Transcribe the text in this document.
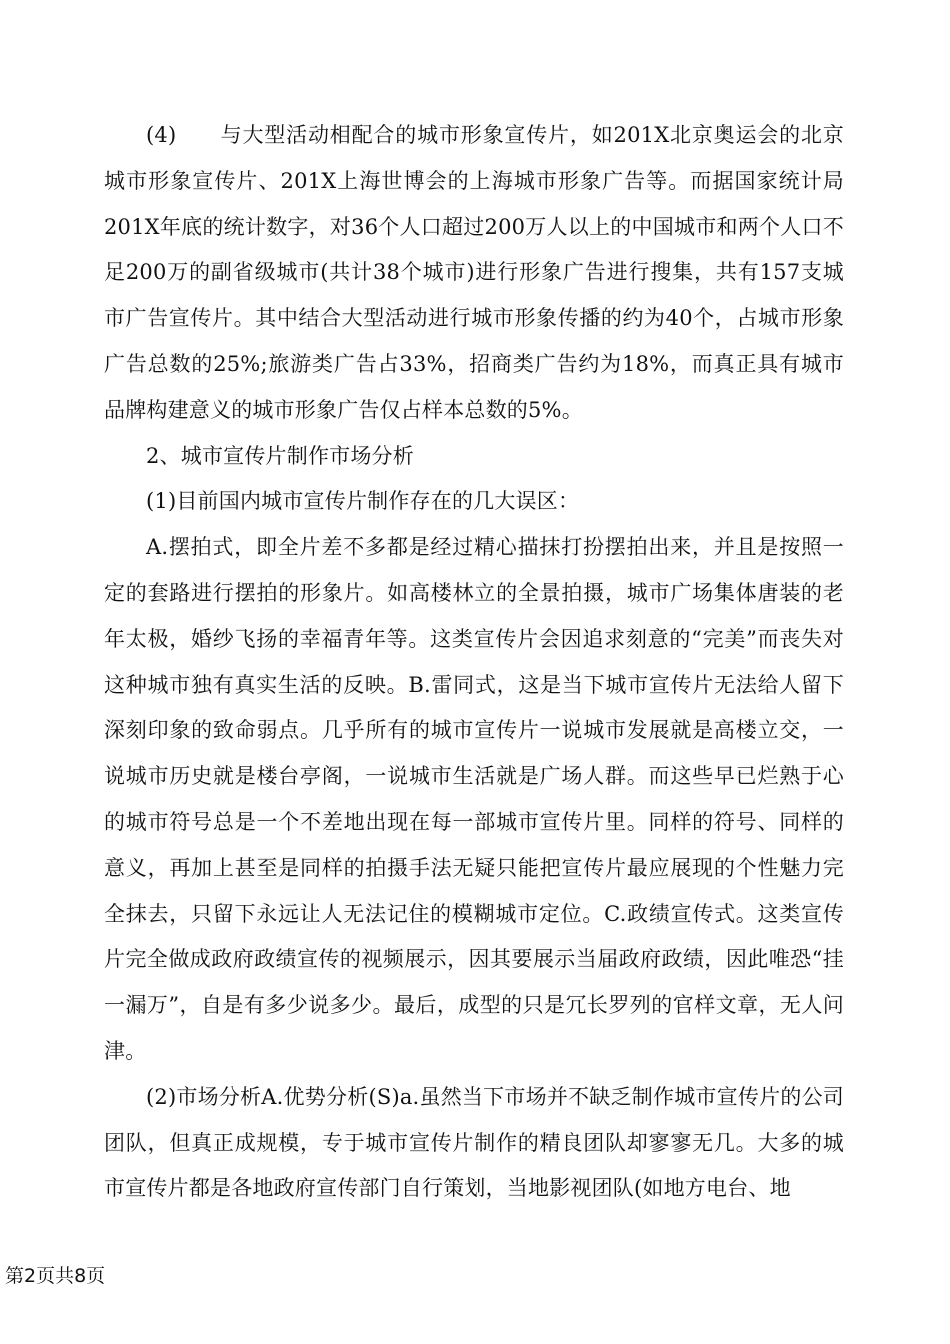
(4)　　与大型活动相配合的城市形象宣传片，如201X北京奥运会的北京城市形象宣传片、201X上海世博会的上海城市形象广告等。而据国家统计局201X年底的统计数字，对36个人口超过200万人以上的中国城市和两个人口不足200万的副省级城市(共计38个城市)进行形象广告进行搜集，共有157支城市广告宣传片。其中结合大型活动进行城市形象传播的约为40个，占城市形象广告总数的25%;旅游类广告占33%，招商类广告约为18%，而真正具有城市品牌构建意义的城市形象广告仅占样本总数的5%。

2、城市宣传片制作市场分析

(1)目前国内城市宣传片制作存在的几大误区：

A.摆拍式，即全片差不多都是经过精心描抹打扮摆拍出来，并且是按照一定的套路进行摆拍的形象片。如高楼林立的全景拍摄，城市广场集体唐装的老年太极，婚纱飞扬的幸福青年等。这类宣传片会因追求刻意的“完美”而丧失对这种城市独有真实生活的反映。B.雷同式，这是当下城市宣传片无法给人留下深刻印象的致命弱点。几乎所有的城市宣传片一说城市发展就是高楼立交，一说城市历史就是楼台亭阁，一说城市生活就是广场人群。而这些早已烂熟于心的城市符号总是一个不差地出现在每一部城市宣传片里。同样的符号、同样的意义，再加上甚至是同样的拍摄手法无疑只能把宣传片最应展现的个性魅力完全抹去，只留下永远让人无法记住的模糊城市定位。C.政绩宣传式。这类宣传片完全做成政府政绩宣传的视频展示，因其要展示当届政府政绩，因此唯恐“挂一漏万”，自是有多少说多少。最后，成型的只是冗长罗列的官样文章，无人问津。

(2)市场分析A.优势分析(S)a.虽然当下市场并不缺乏制作城市宣传片的公司团队，但真正成规模，专于城市宣传片制作的精良团队却寥寥无几。大多的城市宣传片都是各地政府宣传部门自行策划，当地影视团队(如地方电台、地

第2页共8页
